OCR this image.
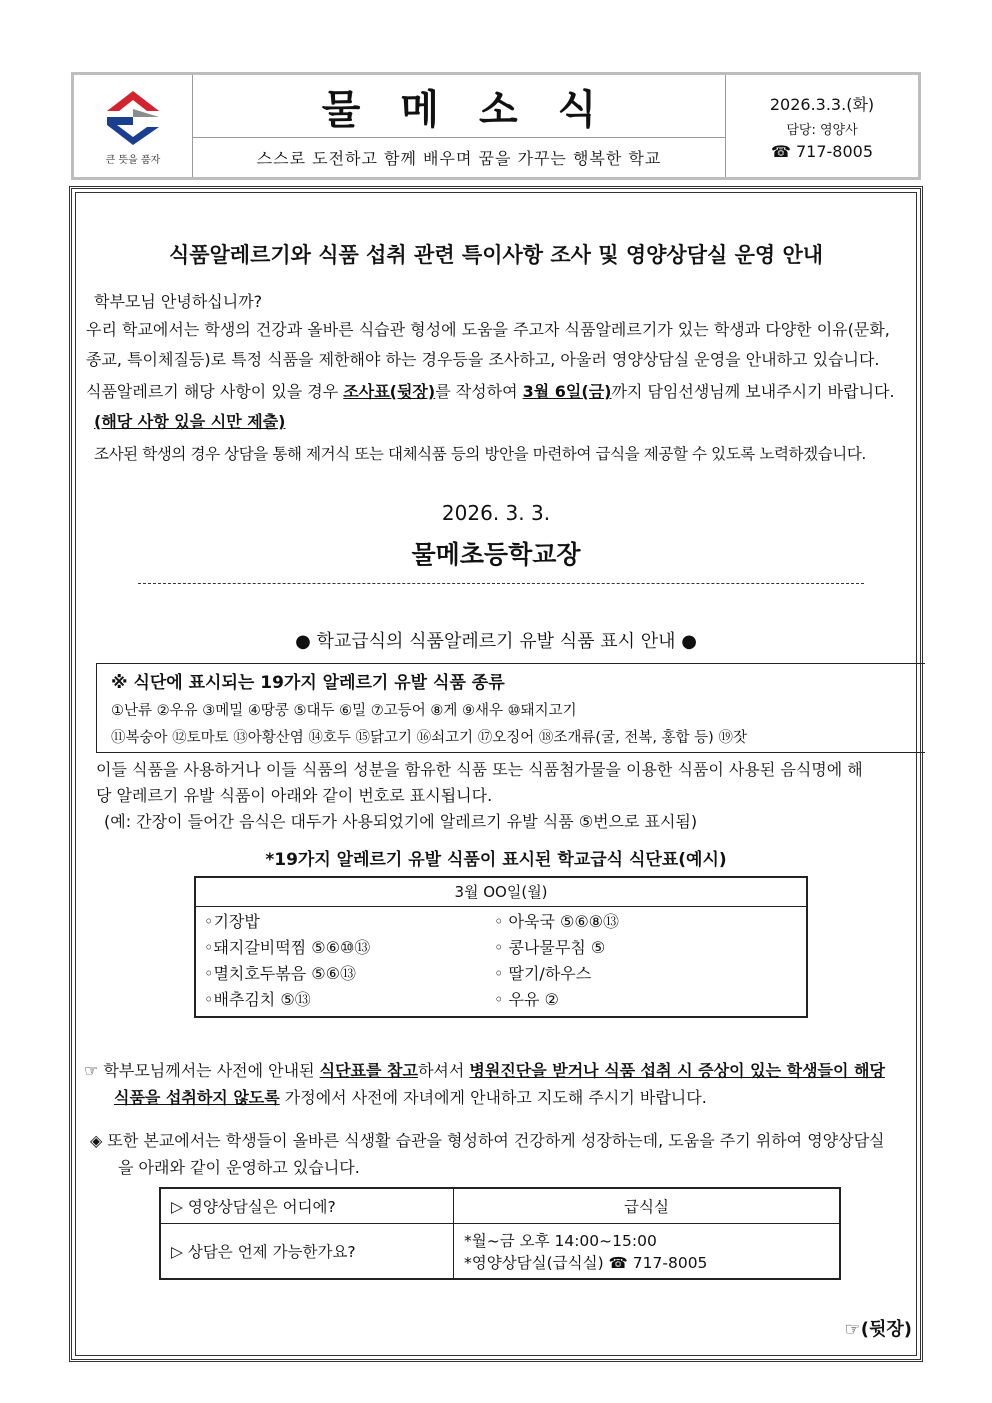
큰 뜻을 품자
물메소식
스스로 도전하고 함께 배우며 꿈을 가꾸는 행복한 학교
2026.3.3.(화)
담당: 영양사
☎ 717-8005
식품알레르기와 식품 섭취 관련 특이사항 조사 및 영양상담실 운영 안내
학부모님 안녕하십니까?
우리 학교에서는 학생의 건강과 올바른 식습관 형성에 도움을 주고자 식품알레르기가 있는 학생과 다양한 이유(문화,
종교, 특이체질등)로 특정 식품을 제한해야 하는 경우등을 조사하고, 아울러 영양상담실 운영을 안내하고 있습니다.
식품알레르기 해당 사항이 있을 경우 조사표(뒷장)를 작성하여 3월 6일(금)까지 담임선생님께 보내주시기 바랍니다.
(해당 사항 있을 시만 제출)
조사된 학생의 경우 상담을 통해 제거식 또는 대체식품 등의 방안을 마련하여 급식을 제공할 수 있도록 노력하겠습니다.
2026. 3. 3.
물메초등학교장
● 학교급식의 식품알레르기 유발 식품 표시 안내 ●
※ 식단에 표시되는 19가지 알레르기 유발 식품 종류
①난류 ②우유 ③메밀 ④땅콩 ⑤대두 ⑥밀 ⑦고등어 ⑧게 ⑨새우 ⑩돼지고기
⑪복숭아 ⑫토마토 ⑬아황산염 ⑭호두 ⑮닭고기 ⑯쇠고기 ⑰오징어 ⑱조개류(굴, 전복, 홍합 등) ⑲잣
이들 식품을 사용하거나 이들 식품의 성분을 함유한 식품 또는 식품첨가물을 이용한 식품이 사용된 음식명에 해
당 알레르기 유발 식품이 아래와 같이 번호로 표시됩니다.
(예: 간장이 들어간 음식은 대두가 사용되었기에 알레르기 유발 식품 ⑤번으로 표시됨)
*19가지 알레르기 유발 식품이 표시된 학교급식 식단표(예시)
3월 OO일(월)
◦기장밥	◦ 아욱국 ⑤⑥⑧⑬
◦돼지갈비떡찜 ⑤⑥⑩⑬	◦ 콩나물무침 ⑤
◦멸치호두볶음 ⑤⑥⑬	◦ 딸기/하우스
◦배추김치 ⑤⑬	◦ 우유 ②
☞ 학부모님께서는 사전에 안내된 식단표를 참고하셔서 병원진단을 받거나 식품 섭취 시 증상이 있는 학생들이 해당
식품을 섭취하지 않도록 가정에서 사전에 자녀에게 안내하고 지도해 주시기 바랍니다.
◈ 또한 본교에서는 학생들이 올바른 식생활 습관을 형성하여 건강하게 성장하는데, 도움을 주기 위하여 영양상담실
을 아래와 같이 운영하고 있습니다.
▷ 영양상담실은 어디에?	급식실
▷ 상담은 언제 가능한가요?	*월~금 오후 14:00~15:00
*영양상담실(급식실) ☎ 717-8005
☞(뒷장)
